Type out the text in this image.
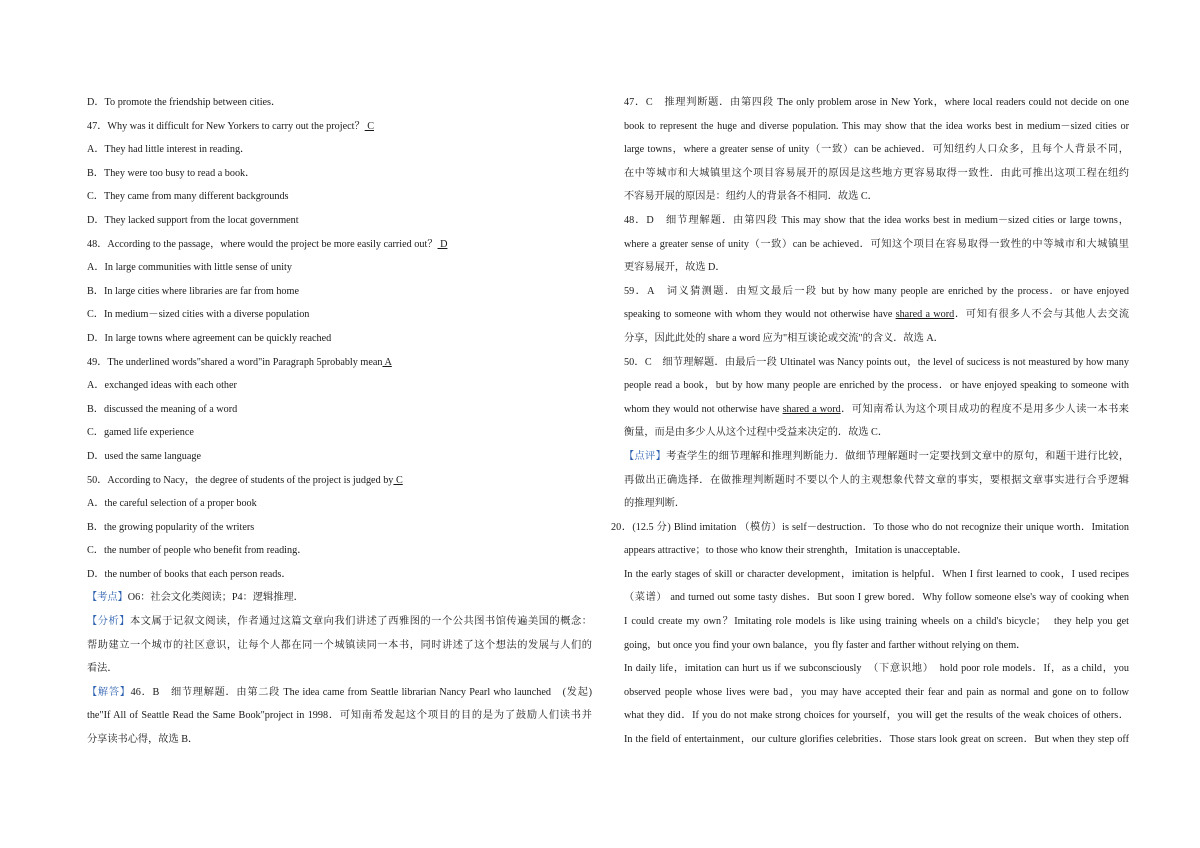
D．To promote the friendship between cities．
47．Why was it difficult for New Yorkers to carry out the project？ C
A．They had little interest in reading．
B．They were too busy to read a book．
C．They came from many different backgrounds
D．They lacked support from the locat government
48．According to the passage，where would the project be more easily carried out？ D
A．In large communities with little sense of unity
B．In large cities where libraries are far from home
C．In medium－sized cities with a diverse population
D．In large towns where agreement can be quickly reached
49．The underlined words"shared a word"in Paragraph 5probably mean A
A．exchanged ideas with each other
B．discussed the meaning of a word
C．gamed life experience
D．used the same language
50．According to Nacy，the degree of students of the project is judged by C
A．the careful selection of a proper book
B．the growing popularity of the writers
C．the number of people who benefit from reading．
D．the number of books that each person reads．
【考点】O6：社会文化类阅读；P4：逻辑推理．
【分析】本文属于记叙文阅读，作者通过这篇文章向我们讲述了西雅图的一个公共图书馆传遍美国的概念：
帮助建立一个城市的社区意识，让每个人都在同一个城镇读同一本书，同时讲述了这个想法的发展与人们的
看法．
【解答】46．B　细节理解题．由第二段 The idea came from Seattle librarian Nancy Pearl who launched　(发起)
the"If All of Seattle Read the Same Book"project in 1998．可知南希发起这个项目的目的是为了鼓励人们读书并
分享读书心得，故选 B．
47．C　推理判断题．由第四段 The only problem arose in New York，where local readers could not decide on one
book to represent the huge and diverse population. This may show that the idea works best in medium－sized cities or
large towns，where a greater sense of unity（一致）can be achieved．可知纽约人口众多，且每个人背景不同，
在中等城市和大城镇里这个项目容易展开的原因是这些地方更容易取得一致性．由此可推出这项工程在纽约
不容易开展的原因是：纽约人的背景各不相同．故选 C．
48．D　细节理解题．由第四段 This may show that the idea works best in medium－sized cities or large towns，
where a greater sense of unity（一致）can be achieved．可知这个项目在容易取得一致性的中等城市和大城镇里
更容易展开，故选 D．
59．A　词义猜测题．由短文最后一段 but by how many people are enriched by the process．or have enjoyed
speaking to someone with whom they would not otherwise have shared a word．可知有很多人不会与其他人去交流
分享，因此此处的 share a word 应为"相互谈论或交流"的含义．故选 A．
50．C　细节理解题．由最后一段 Ultinatel was Nancy points out，the level of sucicess is not meastured by how many
people read a book，but by how many people are enriched by the process．or have enjoyed speaking to someone with
whom they would not otherwise have shared a word．可知南希认为这个项目成功的程度不是用多少人读一本书来
衡量，而是由多少人从这个过程中受益来决定的．故选 C．
【点评】考查学生的细节理解和推理判断能力．做细节理解题时一定要找到文章中的原句，和题干进行比较，
再做出正确选择．在做推理判断题时不要以个人的主观想象代替文章的事实，要根据文章事实进行合乎逻辑
的推理判断．
20．(12.5 分) Blind imitation （模仿）is self－destruction．To those who do not recognize their unique worth．Imitation
appears attractive；to those who know their strenghth，Imitation is unacceptable．
In the early stages of skill or character development，imitation is helpful．When I first learned to cook，I used recipes
（菜谱） and turned out some tasty dishes．But soon I grew bored．Why follow someone else's way of cooking when
I could create my own？Imitating role models is like using training wheels on a child's bicycle；　they help you get
going，but once you find your own balance，you fly faster and farther without relying on them．
In daily life，imitation can hurt us if we subconsciously　（下意识地）　hold poor role models．If，as a child，you
observed people whose lives were bad，you may have accepted their fear and pain as normal and gone on to follow
what they did．If you do not make strong choices for yourself，you will get the results of the weak choices of others．
In the field of entertainment，our culture glorifies celebrities．Those stars look great on screen．But when they step off
